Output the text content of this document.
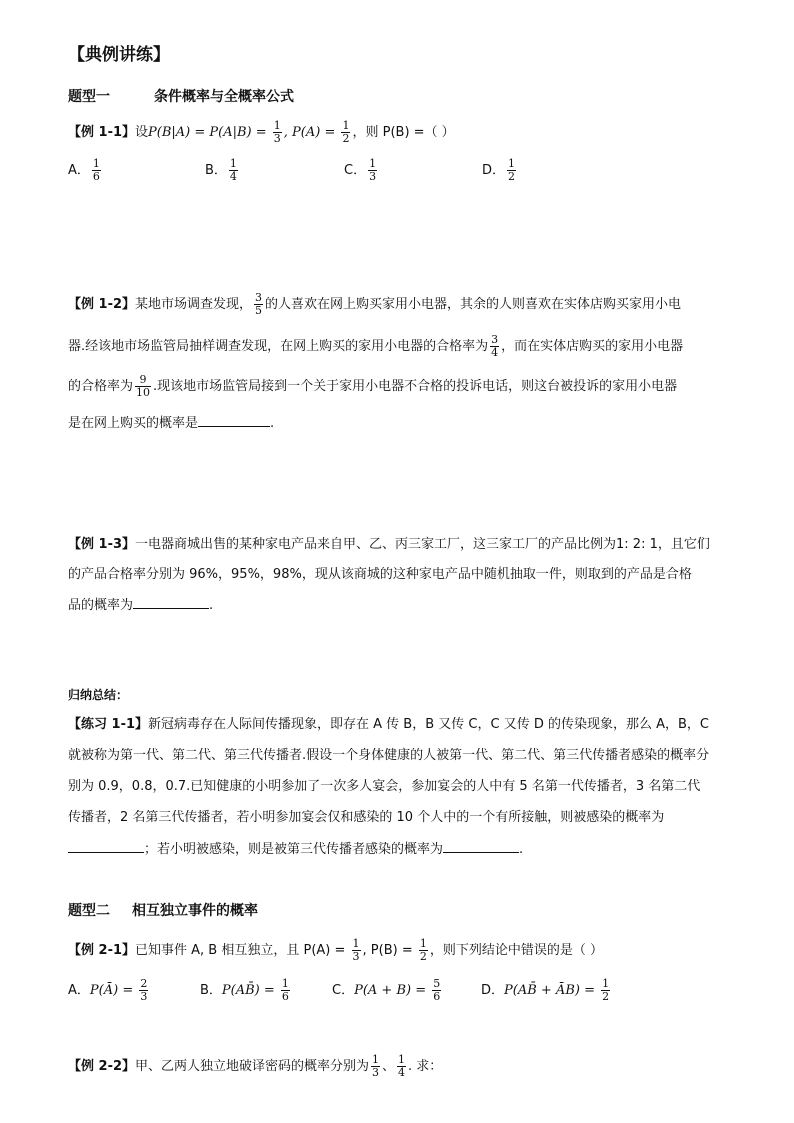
【典例讲练】
题型一	条件概率与全概率公式
【例 1-1】设$P(B|A) = P(A|B) = \frac{1}{3}$ , $P(A) = \frac{1}{2}$ ，则 P(B) =（ ）
A． $\frac{1}{6}$	B． $\frac{1}{4}$	C． $\frac{1}{3}$	D． $\frac{1}{2}$
【例 1-2】某地市场调查发现， $\frac{3}{5}$ 的人喜欢在网上购买家用小电器，其余的人则喜欢在实体店购买家用小电
器.经该地市场监管局抽样调查发现，在网上购买的家用小电器的合格率为 $\frac{3}{4}$ ，而在实体店购买的家用小电器
的合格率为 $\frac{9}{10}$ .现该地市场监管局接到一个关于家用小电器不合格的投诉电话，则这台被投诉的家用小电器
是在网上购买的概率是	.
【例 1-3】一电器商城出售的某种家电产品来自甲、乙、丙三家工厂，这三家工厂的产品比例为1: 2: 1，且它们
的产品合格率分别为 96%，95%，98%，现从该商城的这种家电产品中随机抽取一件，则取到的产品是合格
品的概率为	.
归纳总结：
【练习 1-1】新冠病毒存在人际间传播现象，即存在 A 传 B，B 又传 C，C 又传 D 的传染现象，那么 A，B，C
就被称为第一代、第二代、第三代传播者.假设一个身体健康的人被第一代、第二代、第三代传播者感染的概率分
别为 0.9，0.8，0.7.已知健康的小明参加了一次多人宴会，参加宴会的人中有 5 名第一代传播者，3 名第二代
传播者，2 名第三代传播者，若小明参加宴会仅和感染的 10 个人中的一个有所接触，则被感染的概率为
；若小明被感染，则是被第三代传播者感染的概率为	.
题型二 相互独立事件的概率
【例 2-1】已知事件 A, B 相互独立，且 $P(A) = \frac{1}{3}$ , $P(B) = \frac{1}{2}$ ，则下列结论中错误的是（ ）
A．P(Ā) = $\frac{2}{3}$	B．P(AB̄) = $\frac{1}{6}$	C．$P(A + B) = \frac{5}{6}$	D．P(AB̄ + ĀB) = $\frac{1}{2}$
【例 2-2】甲、乙两人独立地破译密码的概率分别为 $\frac{1}{3}$ 、 $\frac{1}{4}$ . 求：
